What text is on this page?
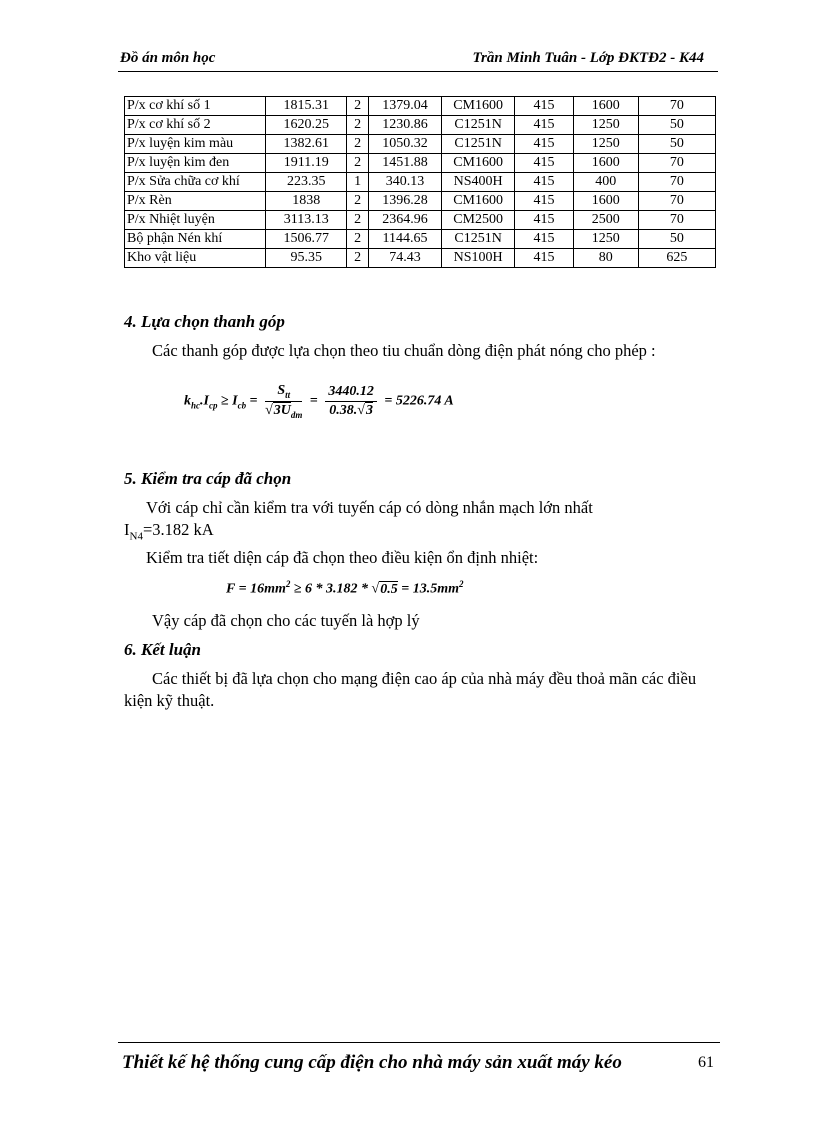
Đồ án môn học	Trần Minh Tuân - Lớp ĐKTĐ2 - K44
P/x cơ khí số 1	1815.31	2	1379.04	CM1600	415	1600	70
P/x cơ khí số 2	1620.25	2	1230.86	C1251N	415	1250	50
P/x luyện kim màu	1382.61	2	1050.32	C1251N	415	1250	50
P/x luyện kim đen	1911.19	2	1451.88	CM1600	415	1600	70
P/x Sửa chữa cơ khí	223.35	1	340.13	NS400H	415	400	70
P/x Rèn	1838	2	1396.28	CM1600	415	1600	70
P/x Nhiệt luyện	3113.13	2	2364.96	CM2500	415	2500	70
Bộ phận Nén khí	1506.77	2	1144.65	C1251N	415	1250	50
Kho vật liệu	95.35	2	74.43	NS100H	415	80	625
4. Lựa chọn thanh góp
Các thanh góp được lựa chọn theo tiu chuẩn dòng điện phát nóng cho phép :
$k_{hc}.I_{cp} \ge I_{cb} = \frac{S_{tt}}{√3U_{dm}} = \frac{3440.12}{0.38.√3} = 5226.74$ A
5. Kiểm tra cáp đã chọn
Với cáp chỉ cần kiểm tra với tuyến cáp có dòng nhắn mạch lớn nhất
$I_{N4}=3.182$ kA
Kiểm tra tiết diện cáp đã chọn theo điều kiện ổn định nhiệt:
$F = 16mm^2 \ge 6 * 3.182 * √0.5 = 13.5mm^2$
Vậy cáp đã chọn cho các tuyến là hợp lý
6. Kết luận
Các thiết bị đã lựa chọn cho mạng điện cao áp của nhà máy đều thoả mãn các điều kiện kỹ thuật.
Thiết kế hệ thống cung cấp điện cho nhà máy sản xuất máy kéo	61
